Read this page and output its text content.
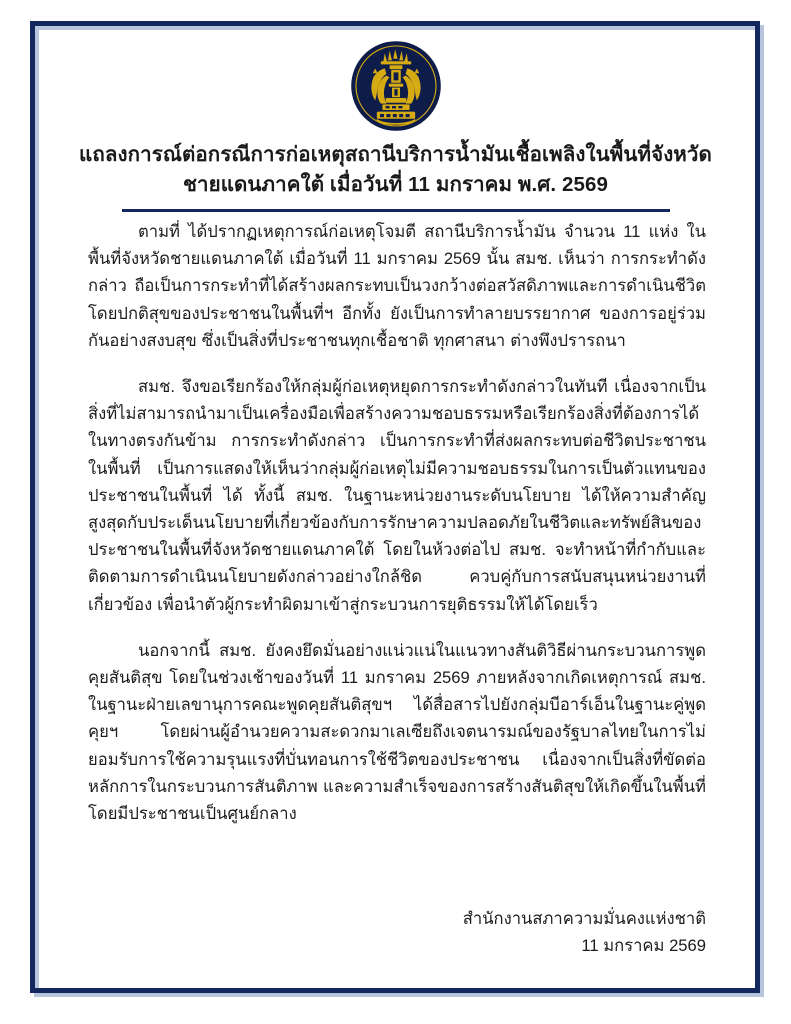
แถลงการณ์ต่อกรณีการก่อเหตุสถานีบริการน้ำมันเชื้อเพลิงในพื้นที่จังหวัด
ชายแดนภาคใต้ เมื่อวันที่ 11 มกราคม พ.ศ. 2569

ตามที่ ได้ปรากฏเหตุการณ์ก่อเหตุโจมตี สถานีบริการน้ำมัน จำนวน 11 แห่ง ในพื้นที่จังหวัดชายแดนภาคใต้ เมื่อวันที่ 11 มกราคม 2569 นั้น สมช. เห็นว่า การกระทำดังกล่าว ถือเป็นการกระทำที่ได้สร้างผลกระทบเป็นวงกว้างต่อสวัสดิภาพและการดำเนินชีวิตโดยปกติสุขของประชาชนในพื้นที่ฯ อีกทั้ง ยังเป็นการทำลายบรรยากาศ ของการอยู่ร่วมกันอย่างสงบสุข ซึ่งเป็นสิ่งที่ประชาชนทุกเชื้อชาติ ทุกศาสนา ต่างพึงปรารถนา

สมช. จึงขอเรียกร้องให้กลุ่มผู้ก่อเหตุหยุดการกระทำดังกล่าวในทันที เนื่องจากเป็นสิ่งที่ไม่สามารถนำมาเป็นเครื่องมือเพื่อสร้างความชอบธรรมหรือเรียกร้องสิ่งที่ต้องการได้ ในทางตรงกันข้าม การกระทำดังกล่าว เป็นการกระทำที่ส่งผลกระทบต่อชีวิตประชาชนในพื้นที่ เป็นการแสดงให้เห็นว่ากลุ่มผู้ก่อเหตุไม่มีความชอบธรรมในการเป็นตัวแทนของประชาชนในพื้นที่ ได้ ทั้งนี้ สมช. ในฐานะหน่วยงานระดับนโยบาย ได้ให้ความสำคัญสูงสุดกับประเด็นนโยบายที่เกี่ยวข้องกับการรักษาความปลอดภัยในชีวิตและทรัพย์สินของประชาชนในพื้นที่จังหวัดชายแดนภาคใต้ โดยในห้วงต่อไป สมช. จะทำหน้าที่กำกับและติดตามการดำเนินนโยบายดังกล่าวอย่างใกล้ชิด ควบคู่กับการสนับสนุนหน่วยงานที่เกี่ยวข้อง เพื่อนำตัวผู้กระทำผิดมาเข้าสู่กระบวนการยุติธรรมให้ได้โดยเร็ว

นอกจากนี้ สมช. ยังคงยึดมั่นอย่างแน่วแน่ในแนวทางสันติวิธีผ่านกระบวนการพูดคุยสันติสุข โดยในช่วงเช้าของวันที่ 11 มกราคม 2569 ภายหลังจากเกิดเหตุการณ์ สมช. ในฐานะฝ่ายเลขานุการคณะพูดคุยสันติสุขฯ ได้สื่อสารไปยังกลุ่มบีอาร์เอ็นในฐานะคู่พูดคุยฯ โดยผ่านผู้อำนวยความสะดวกมาเลเซียถึงเจตนารมณ์ของรัฐบาลไทยในการไม่ยอมรับการใช้ความรุนแรงที่บั่นทอนการใช้ชีวิตของประชาชน เนื่องจากเป็นสิ่งที่ขัดต่อหลักการในกระบวนการสันติภาพ และความสำเร็จของการสร้างสันติสุขให้เกิดขึ้นในพื้นที่โดยมีประชาชนเป็นศูนย์กลาง

สำนักงานสภาความมั่นคงแห่งชาติ
11 มกราคม 2569
